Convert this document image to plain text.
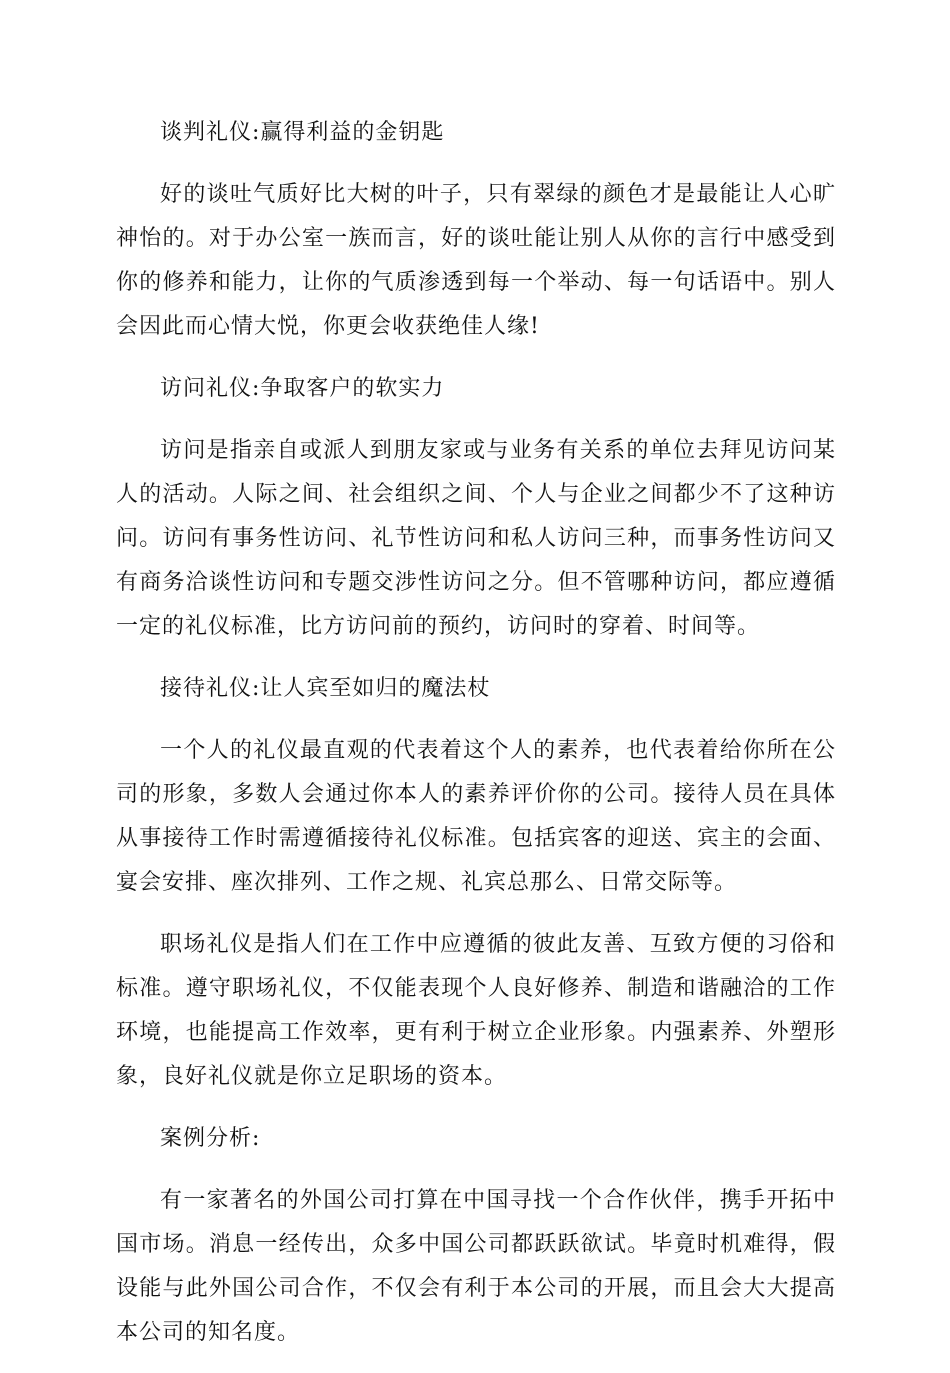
谈判礼仪:赢得利益的金钥匙

好的谈吐气质好比大树的叶子，只有翠绿的颜色才是最能让人心旷神怡的。对于办公室一族而言，好的谈吐能让别人从你的言行中感受到你的修养和能力，让你的气质渗透到每一个举动、每一句话语中。别人会因此而心情大悦，你更会收获绝佳人缘!

访问礼仪:争取客户的软实力

访问是指亲自或派人到朋友家或与业务有关系的单位去拜见访问某人的活动。人际之间、社会组织之间、个人与企业之间都少不了这种访问。访问有事务性访问、礼节性访问和私人访问三种，而事务性访问又有商务洽谈性访问和专题交涉性访问之分。但不管哪种访问，都应遵循一定的礼仪标准，比方访问前的预约，访问时的穿着、时间等。

接待礼仪:让人宾至如归的魔法杖

一个人的礼仪最直观的代表着这个人的素养，也代表着给你所在公司的形象，多数人会通过你本人的素养评价你的公司。接待人员在具体从事接待工作时需遵循接待礼仪标准。包括宾客的迎送、宾主的会面、宴会安排、座次排列、工作之规、礼宾总那么、日常交际等。

职场礼仪是指人们在工作中应遵循的彼此友善、互致方便的习俗和标准。遵守职场礼仪，不仅能表现个人良好修养、制造和谐融洽的工作环境，也能提高工作效率，更有利于树立企业形象。内强素养、外塑形象，良好礼仪就是你立足职场的资本。

案例分析:

有一家著名的外国公司打算在中国寻找一个合作伙伴，携手开拓中国市场。消息一经传出，众多中国公司都跃跃欲试。毕竟时机难得，假设能与此外国公司合作，不仅会有利于本公司的开展，而且会大大提高本公司的知名度。
